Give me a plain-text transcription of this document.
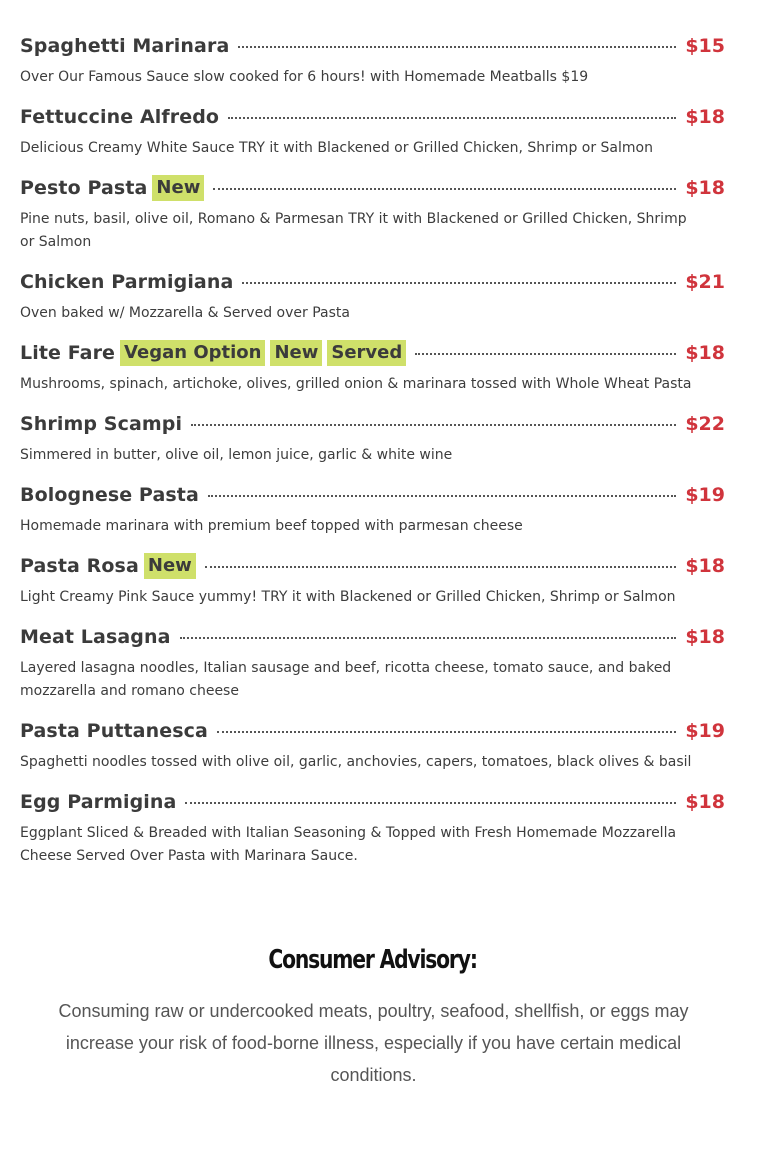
Spaghetti Marinara	$15

Over Our Famous Sauce slow cooked for 6 hours! with Homemade Meatballs $19

Fettuccine Alfredo	$18

Delicious Creamy White Sauce TRY it with Blackened or Grilled Chicken, Shrimp or Salmon

Pesto Pasta New	$18

Pine nuts, basil, olive oil, Romano & Parmesan TRY it with Blackened or Grilled Chicken, Shrimp or Salmon

Chicken Parmigiana	$21

Oven baked w/ Mozzarella & Served over Pasta

Lite Fare Vegan Option New Served	$18

Mushrooms, spinach, artichoke, olives, grilled onion & marinara tossed with Whole Wheat Pasta

Shrimp Scampi	$22

Simmered in butter, olive oil, lemon juice, garlic & white wine

Bolognese Pasta	$19

Homemade marinara with premium beef topped with parmesan cheese

Pasta Rosa New	$18

Light Creamy Pink Sauce yummy! TRY it with Blackened or Grilled Chicken, Shrimp or Salmon

Meat Lasagna	$18

Layered lasagna noodles, Italian sausage and beef, ricotta cheese, tomato sauce, and baked mozzarella and romano cheese

Pasta Puttanesca	$19

Spaghetti noodles tossed with olive oil, garlic, anchovies, capers, tomatoes, black olives & basil

Egg Parmigina	$18

Eggplant Sliced & Breaded with Italian Seasoning & Topped with Fresh Homemade Mozzarella Cheese Served Over Pasta with Marinara Sauce.

Consumer Advisory:

Consuming raw or undercooked meats, poultry, seafood, shellfish, or eggs may increase your risk of food-borne illness, especially if you have certain medical conditions.
